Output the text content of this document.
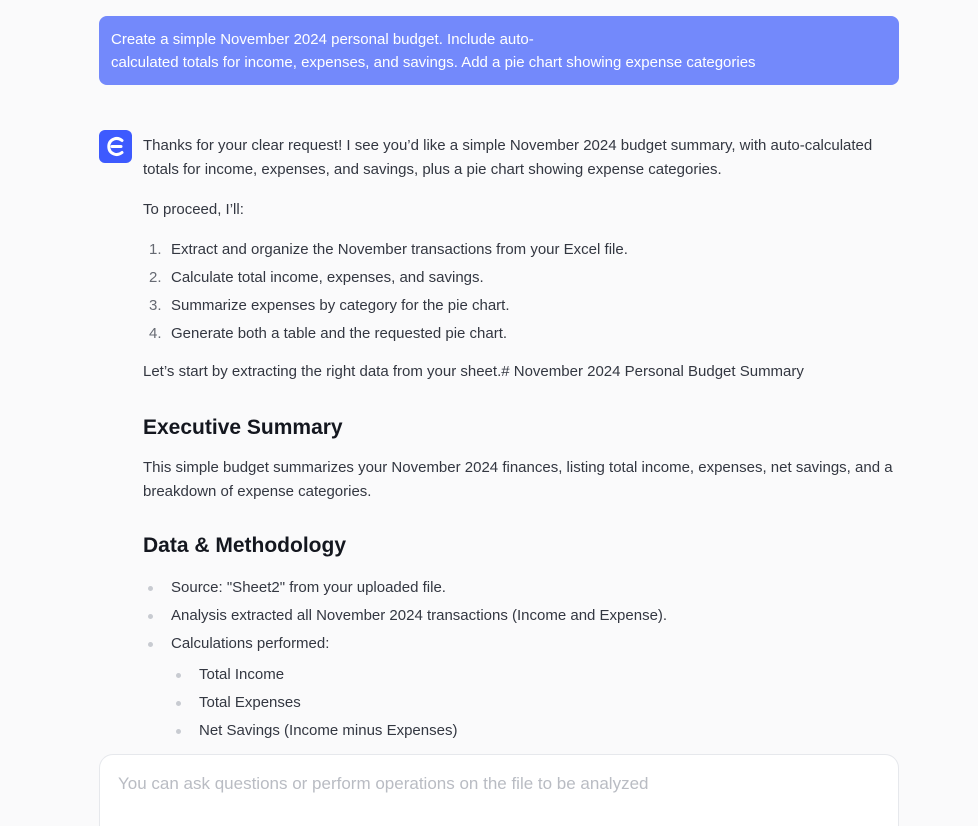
Create a simple November 2024 personal budget. Include auto-

calculated totals for income, expenses, and savings. Add a pie chart showing expense categories

Thanks for your clear request! I see you’d like a simple November 2024 budget summary, with auto-calculated totals for income, expenses, and savings, plus a pie chart showing expense categories.

To proceed, I’ll:

1. Extract and organize the November transactions from your Excel file.
2. Calculate total income, expenses, and savings.
3. Summarize expenses by category for the pie chart.
4. Generate both a table and the requested pie chart.

Let’s start by extracting the right data from your sheet.# November 2024 Personal Budget Summary

Executive Summary

This simple budget summarizes your November 2024 finances, listing total income, expenses, net savings, and a breakdown of expense categories.

Data & Methodology
Source: "Sheet2" from your uploaded file.
Analysis extracted all November 2024 transactions (Income and Expense).
Calculations performed:
Total Income
Total Expenses
Net Savings (Income minus Expenses)
You can ask questions or perform operations on the file to be analyzed
